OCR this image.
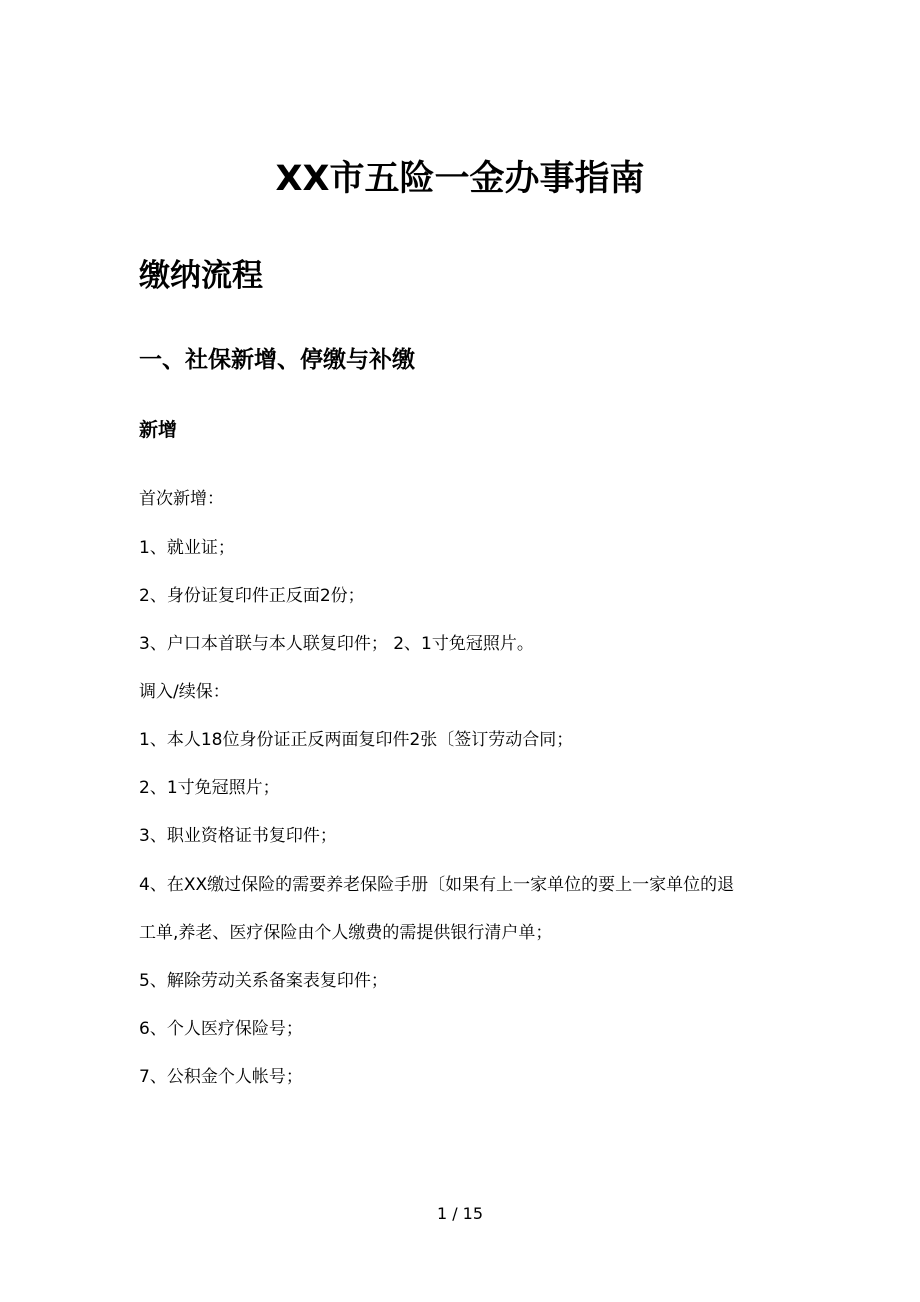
XX市五险一金办事指南
缴纳流程
一、社保新增、停缴与补缴
新增

首次新增：

1、就业证；

2、身份证复印件正反面2份；

3、户口本首联与本人联复印件； 2、1寸免冠照片。

调入/续保：

1、本人18位身份证正反两面复印件2张〔签订劳动合同；

2、1寸免冠照片；

3、职业资格证书复印件；

4、在XX缴过保险的需要养老保险手册〔如果有上一家单位的要上一家单位的退

工单,养老、医疗保险由个人缴费的需提供银行清户单；

5、解除劳动关系备案表复印件；

6、个人医疗保险号；

7、公积金个人帐号；

1 / 15
